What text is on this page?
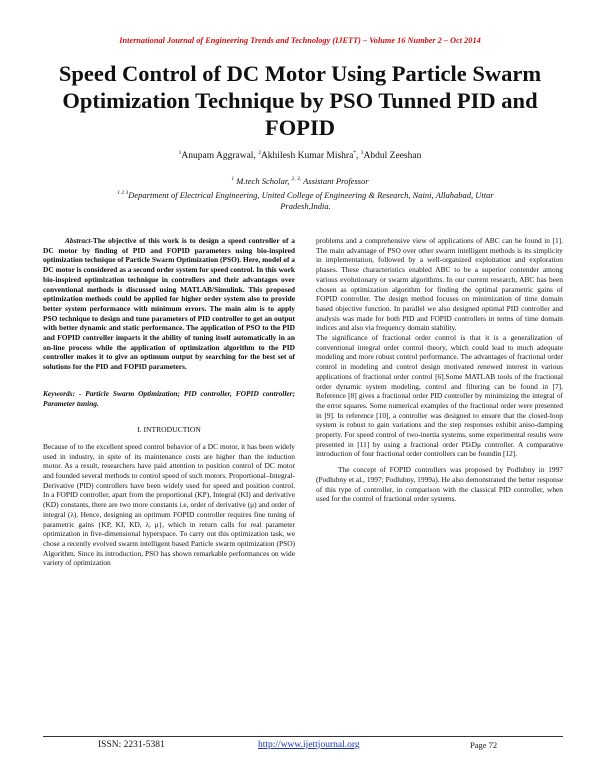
International Journal of Engineering Trends and Technology (IJETT) – Volume 16 Number 2 – Oct 2014
Speed Control of DC Motor Using Particle Swarm Optimization Technique by PSO Tunned PID and FOPID
$^1$Anupam Aggrawal, $^2$Akhilesh Kumar Mishra*, $^3$Abdul Zeeshan
$^1$ M.tech Scholar, $^{2, 3,}$ Assistant Professor
$^{1 2 3}$Department of Electrical Engineering, United College of Engineering & Research, Naini, Allahabad, Uttar Pradesh,India.

Abstract-The objective of this work is to design a speed controller of a DC motor by finding of PID and FOPID parameters using bio-inspired optimization technique of Particle Swarm Optimization (PSO). Here, model of a DC motor is considered as a second order system for speed control. In this work bio-inspired optimization technique in controllers and their advantages over conventional methods is discussed using MATLAB/Simulink. This proposed optimization methods could be applied for higher order system also to provide better system performance with minimum errors. The main aim is to apply PSO technique to design and tune parameters of PID controller to get an output with better dynamic and static performance. The application of PSO to the PID and FOPID controller imparts it the ability of tuning itself automatically in an on-line process while the application of optimization algorithm to the PID controller makes it to give an optimum output by searching for the best set of solutions for the PID and FOPID parameters.

Keywords: - Particle Swarm Optimization; PID controller, FOPID controller; Parameter tuning.

I. INTRODUCTION

Because of to the excellent speed control behavior of a DC motor, it has been widely used in industry, in spite of its maintenance costs are higher than the induction motor. As a result, researchers have paid attention to position control of DC motor and founded several methods to control speed of such motors. Proportional–Integral-Derivative (PID) controllers have been widely used for speed and position control. In a FOPID controller, apart from the proportional (KP), Integral (KI) and derivative (KD) constants, there are two more constants i.e, order of derivative (μ) and order of integral (λ). Hence, designing an optimum FOPID controller requires fine tuning of parametric gains {KP, KI, KD, λ, μ}, which in return calls for real parameter optimization in five-dimensional hyperspace. To carry out this optimization task, we chose a recently evolved swarm intelligent based Particle swarm optimization (PSO) Algorithm. Since its introduction, PSO has shown remarkable performances on wide variety of optimization

problems and a comprehensive view of applications of ABC can be found in [1]. The main advantage of PSO over other swarm intelligent methods is its simplicity in implementation, followed by a well-organized exploitation and exploration phases. These characteristics enabled ABC to be a superior contender among various evolutionary or swarm algorithms. In our current research, ABC has been chosen as optimization algorithm for finding the optimal parametric gains of FOPID controller. The design method focuses on minimization of time domain based objective function. In parallel we also designed optimal PID controller and analysis was made for both PID and FOPID controllers in terms of time domain indices and also via frequency domain stability.

The significance of fractional order control is that it is a generalization of conventional integral order control theory, which could lead to much adequate modeling and more robust control performance. The advantages of fractional order control in modeling and control design motivated renewed interest in various applications of fractional order control [6].Some MATLAB tools of the fractional order dynamic system modeling, control and filtering can be found in [7]. Reference [8] gives a fractional order PID controller by minimizing the integral of the error squares. Some numerical examples of the fractional order were presented in [9]. In reference [10], a controller was designed to ensure that the closed-loop system is robust to gain variations and the step responses exhibit aniso-damping property. For speed control of two-inertia systems, some experimental results were presented in [11] by using a fractional order PIλDμ controller. A comparative introduction of four fractional order controllers can be foundin [12].

The concept of FOPID controllers was proposed by Podlubny in 1997 (Podlubny et al., 1997; Podlubny, 1999a). He also demonstrated the better response of this type of controller, in comparison with the classical PID controller, when used for the control of fractional order systems.

ISSN: 2231-5381	http://www.ijettjournal.org	Page 72
